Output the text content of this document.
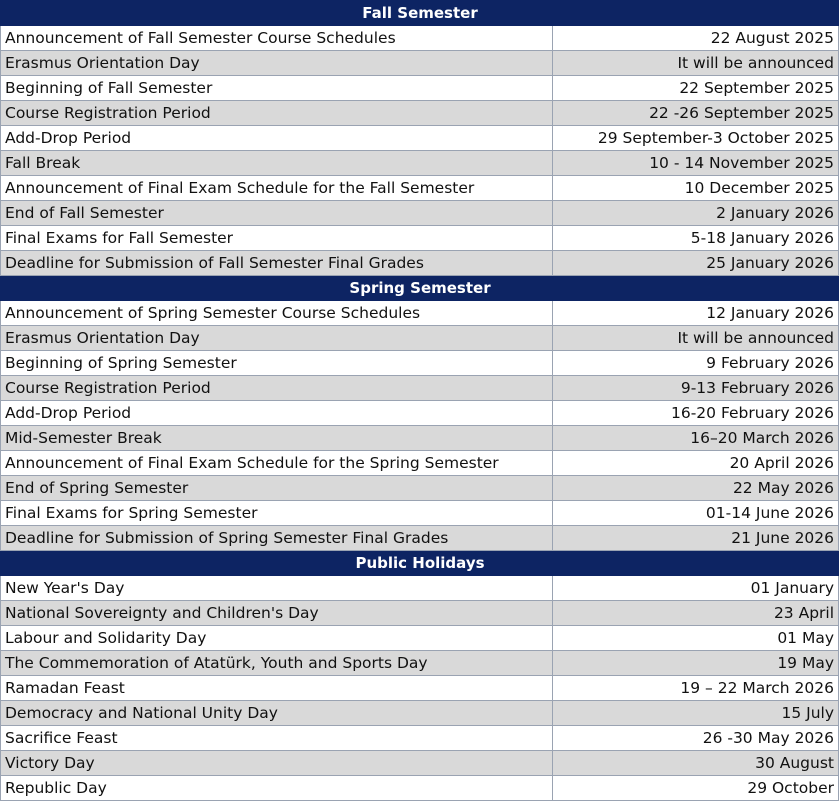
Fall Semester	
Announcement of Fall Semester Course Schedules	22 August 2025
Erasmus Orientation Day	It will be announced
Beginning of Fall Semester	22 September 2025
Course Registration Period	22 -26 September 2025
Add-Drop Period	29 September-3 October 2025
Fall Break	10 - 14 November 2025
Announcement of Final Exam Schedule for the Fall Semester	10 December 2025
End of Fall Semester	2 January 2026
Final Exams for Fall Semester	5-18 January 2026
Deadline for Submission of Fall Semester Final Grades	25 January 2026
Spring Semester	
Announcement of Spring Semester Course Schedules	12 January 2026
Erasmus Orientation Day	It will be announced
Beginning of Spring Semester	9 February 2026
Course Registration Period	9-13 February 2026
Add-Drop Period	16-20 February 2026
Mid-Semester Break	16–20 March 2026
Announcement of Final Exam Schedule for the Spring Semester	20 April 2026
End of Spring Semester	22 May 2026
Final Exams for Spring Semester	01-14 June 2026
Deadline for Submission of Spring Semester Final Grades	21 June 2026
Public Holidays	
New Year's Day	01 January
National Sovereignty and Children's Day	23 April
Labour and Solidarity Day	01 May
The Commemoration of Atatürk, Youth and Sports Day	19 May
Ramadan Feast	19 – 22 March 2026
Democracy and National Unity Day	15 July
Sacrifice Feast	26 -30 May 2026
Victory Day	30 August
Republic Day	29 October
